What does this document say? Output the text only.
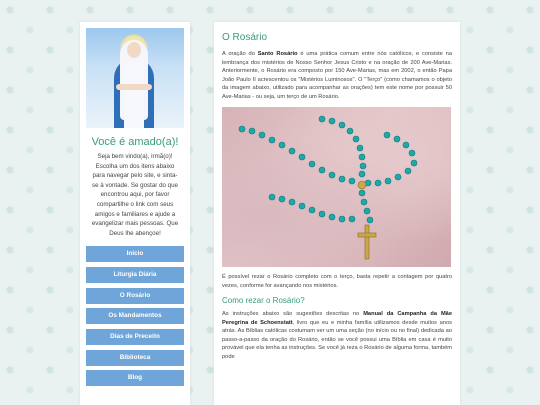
Você é amado(a)!
Seja bem vindo(a), irmã(o)! Escolha um dos itens abaixo para navegar pelo site, e sinta-se à vontade. Se gostar do que encontrou aqui, por favor compartilhe o link com seus amigos e familiares e ajude a evangelizar mais pessoas. Que Deus lhe abençoe!
Início
Liturgia Diária
O Rosário
Os Mandamentos
Dias de Preceito
Biblioteca
Blog
O Rosário

A oração do Santo Rosário é uma prática comum entre nós católicos, e consiste na lembrança dos mistérios de Nosso Senhor Jesus Cristo e na oração de 200 Ave-Marias. Anteriormente, o Rosário era composto por 150 Ave-Marias, mas em 2002, o então Papa João Paulo II acrescentou os "Mistérios Luminosos". O "Terço" (como chamamos o objeto da imagem abaixo, utilizado para acompanhar as orações) tem este nome por possuir 50 Ave-Marias - ou seja, um terço de um Rosário.

É possível rezar o Rosário completo com o terço, basta repetir a contagem por quatro vezes, conforme for avançando nos mistérios.

Como rezar o Rosário?

As instruções abaixo são sugestões descritas no Manual da Campanha da Mãe Peregrina de Schoenstatt, livro que eu e minha família utilizamos desde muitos anos atrás. As Bíblias católicas costumam ver um uma seção (no início ou no final) dedicada ao passo-a-passo da oração do Rosário, então se você possui uma Bíblia em casa é muito provável que ela tenha as instruções. Se você já reza o Rosário de alguma forma, também pode
